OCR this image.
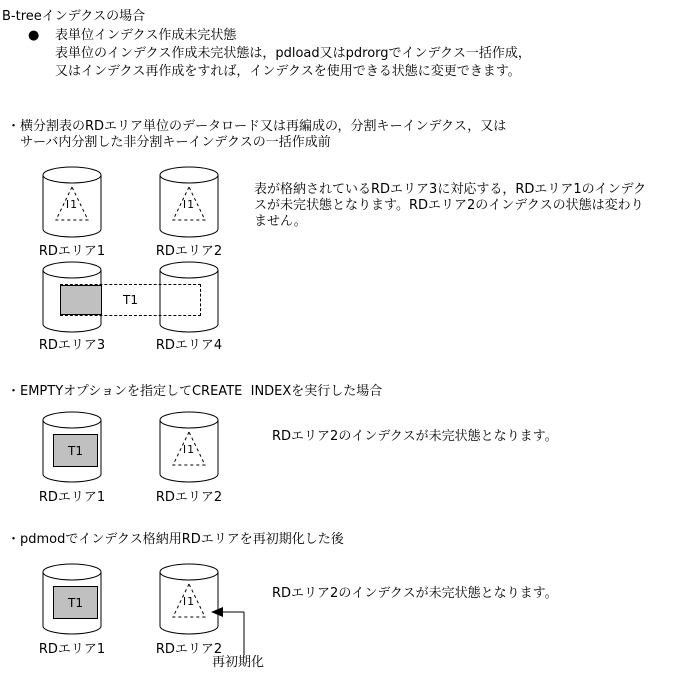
B-treeインデクスの場合
● 表単位インデクス作成未完状態
表単位のインデクス作成未完状態は，pdload又はpdrorgでインデクス一括作成，
又はインデクス再作成をすれば，インデクスを使用できる状態に変更できます。
・横分割表のRDエリア単位のデータロード又は再編成の，分割キーインデクス，又は
サーバ内分割した非分割キーインデクスの一括作成前
I1	I1
RDエリア1	RDエリア2
表が格納されているRDエリア3に対応する，RDエリア1のインデク
スが未完状態となります。RDエリア2のインデクスの状態は変わり
ません。
T1
RDエリア3	RDエリア4
・EMPTYオプションを指定してCREATE  INDEXを実行した場合
T1	I1
RDエリア1	RDエリア2
RDエリア2のインデクスが未完状態となります。
・pdmodでインデクス格納用RDエリアを再初期化した後
T1	I1
再初期化
RDエリア1	RDエリア2
RDエリア2のインデクスが未完状態となります。
